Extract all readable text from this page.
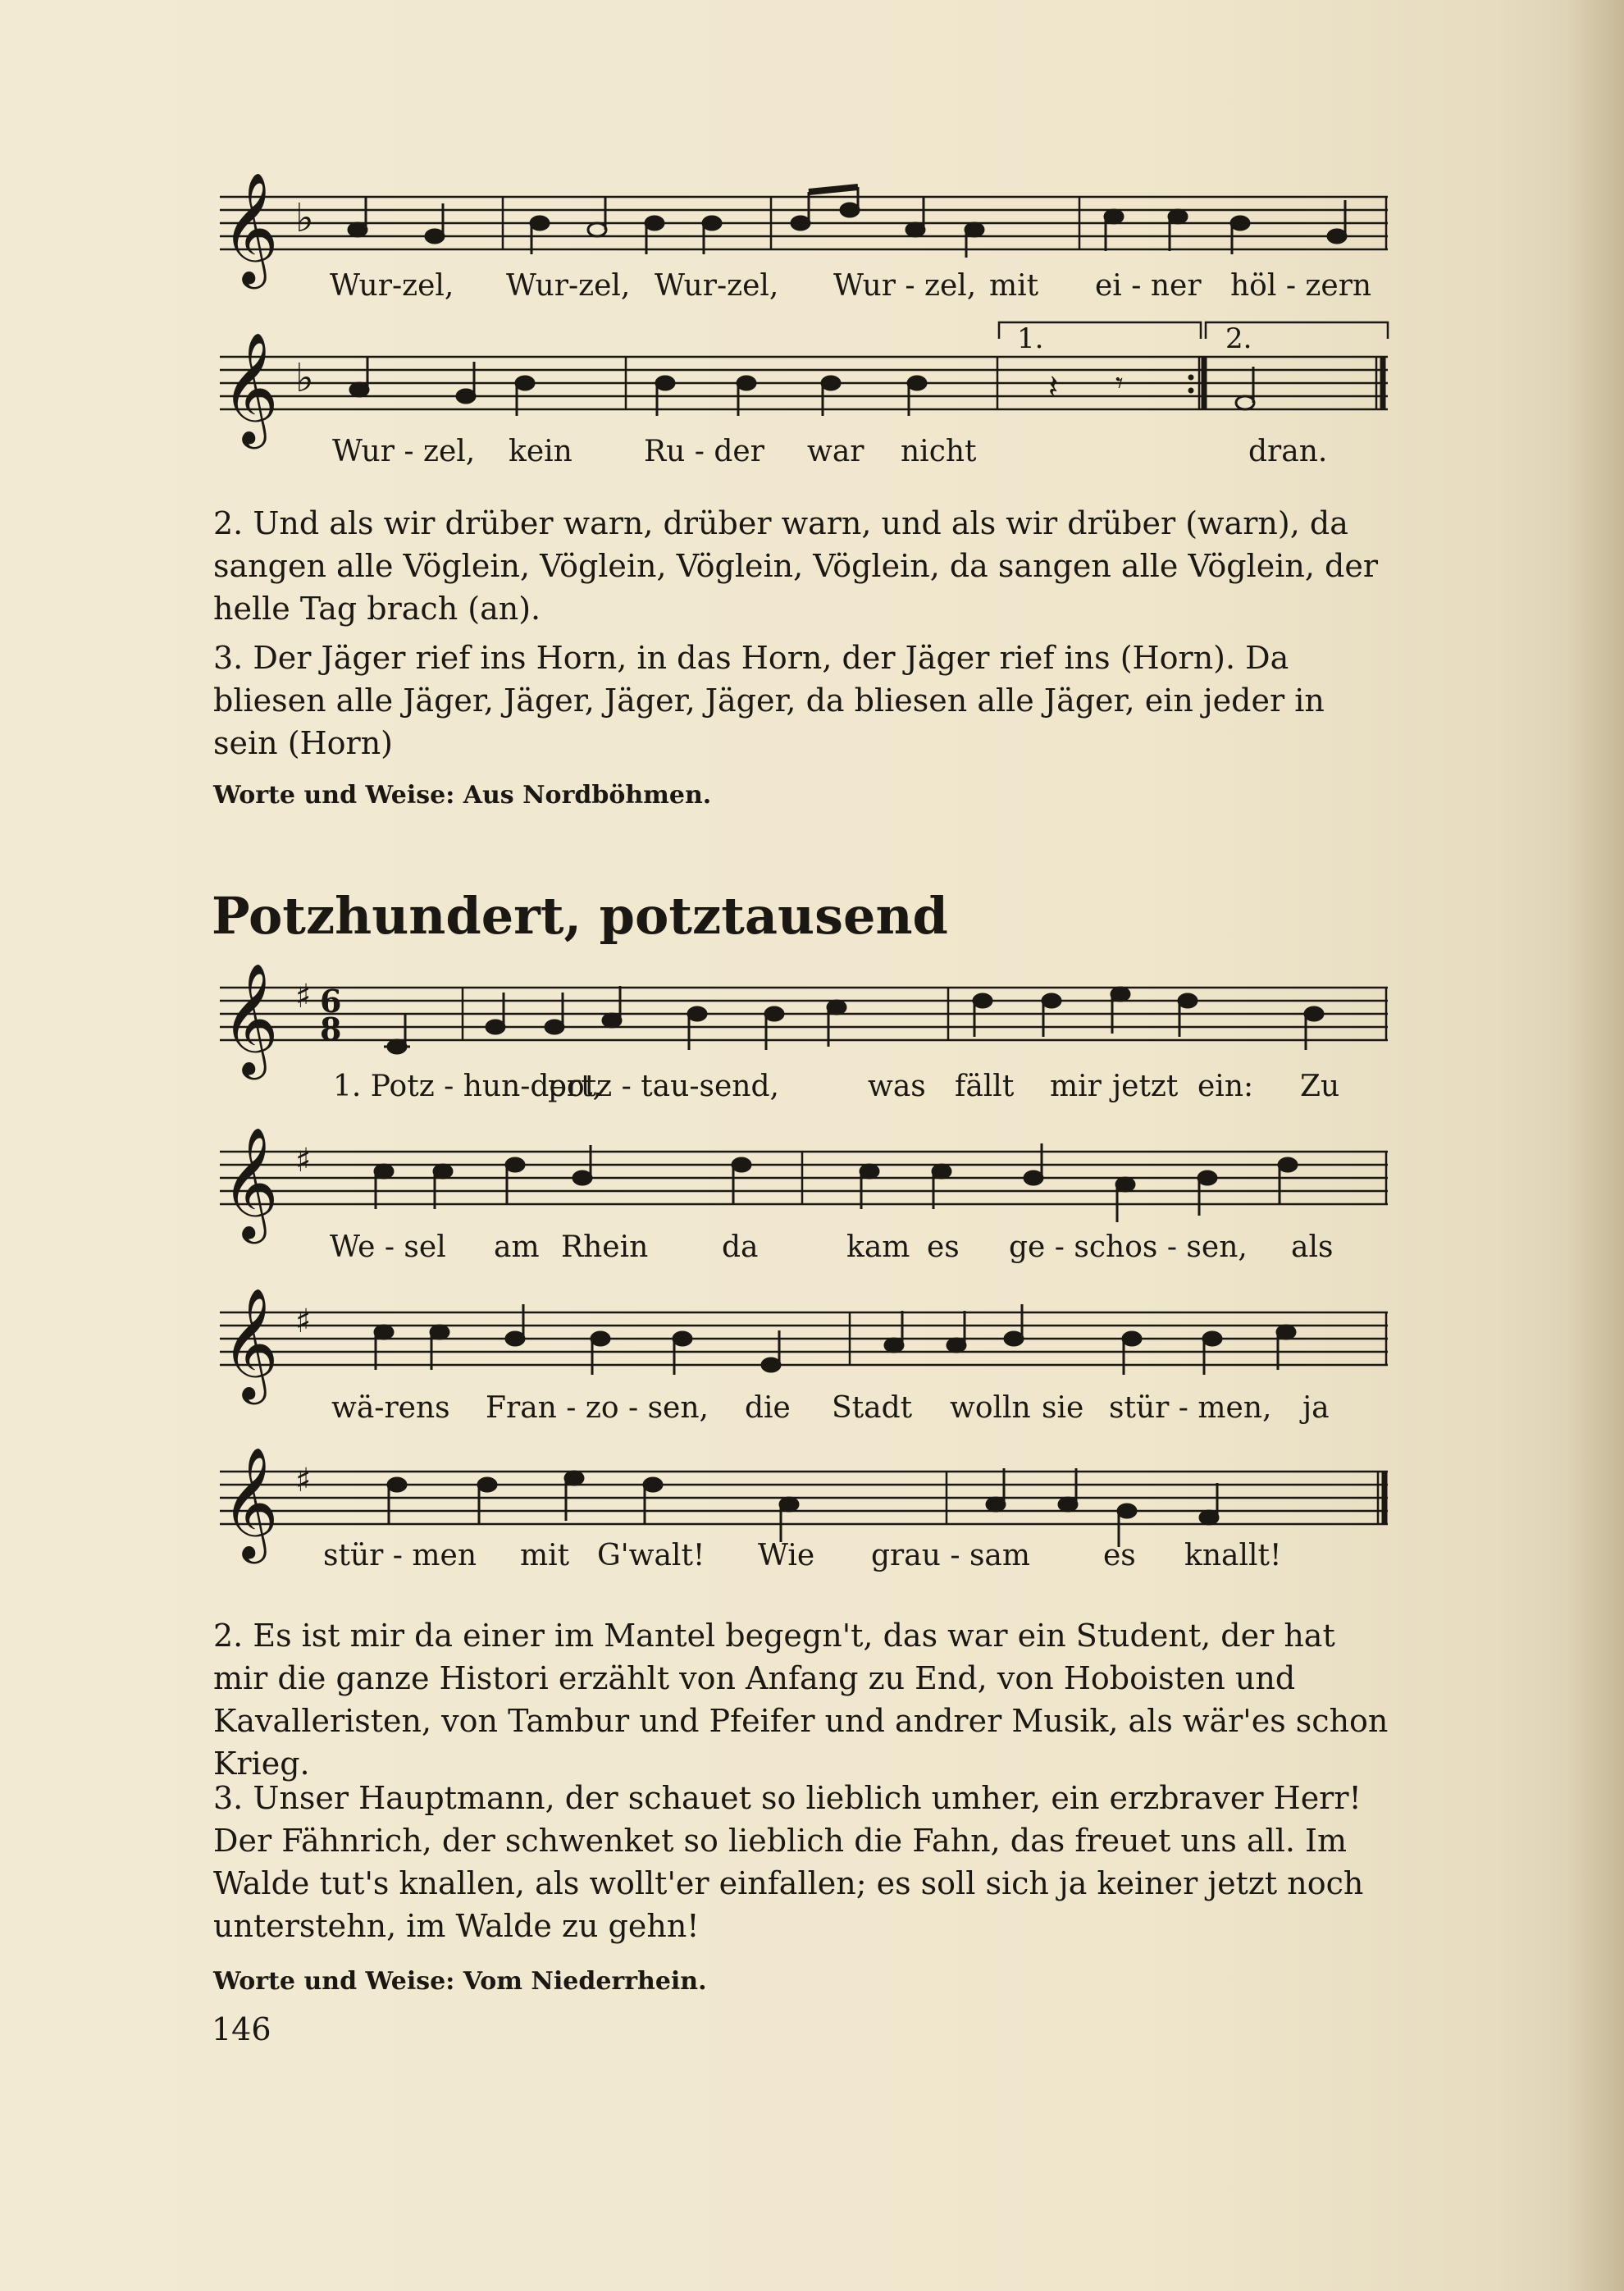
𝄞 ♭
Wur-zel, Wur-zel, Wur-zel, Wur - zel, mit ei - ner höl - zern
𝄞 ♭	𝄽 𝄾
1.	2.
Wur - zel, kein Ru - der war nicht	dran.
2. Und als wir drüber warn, drüber warn, und als wir drüber (warn), da sangen alle Vöglein, Vöglein, Vöglein, Vöglein, da sangen alle Vöglein, der helle Tag brach (an).
3. Der Jäger rief ins Horn, in das Horn, der Jäger rief ins (Horn). Da bliesen alle Jäger, Jäger, Jäger, Jäger, da bliesen alle Jäger, ein jeder in sein (Horn)
Worte und Weise: Aus Nordböhmen.
Potzhundert, potztausend
𝄞 ♯ 6
8
1. Potz - hun-dert,
potz - tau-send,	was fällt mir jetzt ein: Zu
𝄞 ♯
We - sel am Rhein da	kam es ge - schos - sen, als
𝄞 ♯
wä-rens Fran - zo - sen, die Stadt wolln sie stür - men, ja
𝄞 ♯
stür - men mit G'walt! Wie grau - sam es knallt!
2. Es ist mir da einer im Mantel begegn't, das war ein Student, der hat mir die ganze Histori erzählt von Anfang zu End, von Hoboisten und Kavalleristen, von Tambur und Pfeifer und andrer Musik, als wär'es schon Krieg.
3. Unser Hauptmann, der schauet so lieblich umher, ein erzbraver Herr! Der Fähnrich, der schwenket so lieblich die Fahn, das freuet uns all. Im Walde tut's knallen, als wollt'er einfallen; es soll sich ja keiner jetzt noch unterstehn, im Walde zu gehn!
Worte und Weise: Vom Niederrhein.
146
